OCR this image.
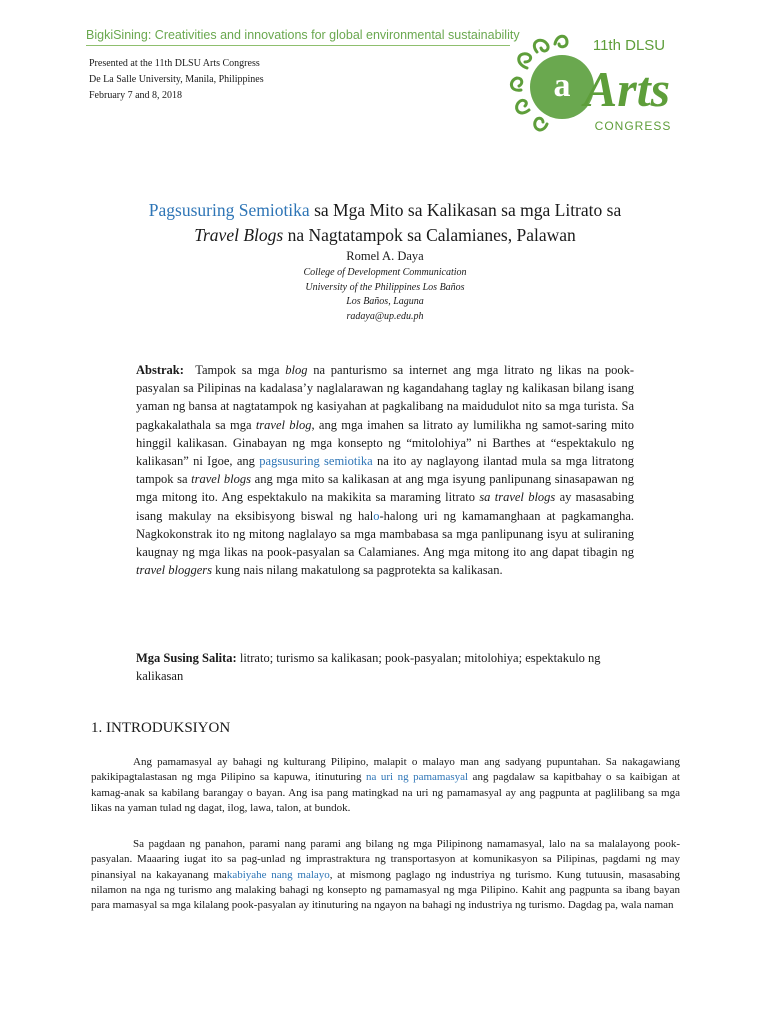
BigkiSining: Creativities and innovations for global environmental sustainability
Presented at the 11th DLSU Arts Congress
De La Salle University, Manila, Philippines
February 7 and 8, 2018	a Arts
11th DLSU
CONGRESS
Pagsusuring Semiotika sa Mga Mito sa Kalikasan sa mga Litrato sa
Travel Blogs na Nagtatampok sa Calamianes, Palawan
Romel A. Daya
College of Development Communication
University of the Philippines Los Baños
Los Baños, Laguna
radaya@up.edu.ph
Abstrak: Tampok sa mga blog na panturismo sa internet ang mga litrato ng likas na pook-pasyalan sa Pilipinas na kadalasa’y naglalarawan ng kagandahang taglay ng kalikasan bilang isang yaman ng bansa at nagtatampok ng kasiyahan at pagkalibang na maidudulot nito sa mga turista. Sa pagkakalathala sa mga travel blog, ang mga imahen sa litrato ay lumilikha ng samot-saring mito hinggil kalikasan. Ginabayan ng mga konsepto ng “mitolohiya” ni Barthes at “espektakulo ng kalikasan” ni Igoe, ang pagsusuring semiotika na ito ay naglayong ilantad mula sa mga litratong tampok sa travel blogs ang mga mito sa kalikasan at ang mga isyung panlipunang sinasapawan ng mga mitong ito. Ang espektakulo na makikita sa maraming litrato sa travel blogs ay masasabing isang makulay na eksibisyong biswal ng halo-halong uri ng kamamanghaan at pagkamangha. Nagkokonstrak ito ng mitong naglalayo sa mga mambabasa sa mga panlipunang isyu at suliraning kaugnay ng mga likas na pook-pasyalan sa Calamianes. Ang mga mitong ito ang dapat tibagin ng travel bloggers kung nais nilang makatulong sa pagprotekta sa kalikasan.
Mga Susing Salita: litrato; turismo sa kalikasan; pook-pasyalan; mitolohiya; espektakulo ng kalikasan
1. INTRODUKSIYON
Ang pamamasyal ay bahagi ng kulturang Pilipino, malapit o malayo man ang sadyang pupuntahan. Sa nakagawiang pakikipagtalastasan ng mga Pilipino sa kapuwa, itinuturing na uri ng pamamasyal ang pagdalaw sa kapitbahay o sa kaibigan at kamag-anak sa kabilang barangay o bayan. Ang isa pang matingkad na uri ng pamamasyal ay ang pagpunta at paglilibang sa mga likas na yaman tulad ng dagat, ilog, lawa, talon, at bundok.
Sa pagdaan ng panahon, parami nang parami ang bilang ng mga Pilipinong namamasyal, lalo na sa malalayong pook-pasyalan. Maaaring iugat ito sa pag-unlad ng imprastraktura ng transportasyon at komunikasyon sa Pilipinas, pagdami ng may pinansiyal na kakayanang makabiyahe nang malayo, at mismong paglago ng industriya ng turismo. Kung tutuusin, masasabing nilamon na nga ng turismo ang malaking bahagi ng konsepto ng pamamasyal ng mga Pilipino. Kahit ang pagpunta sa ibang bayan para mamasyal sa mga kilalang pook-pasyalan ay itinuturing na ngayon na bahagi ng industriya ng turismo. Dagdag pa, wala naman
